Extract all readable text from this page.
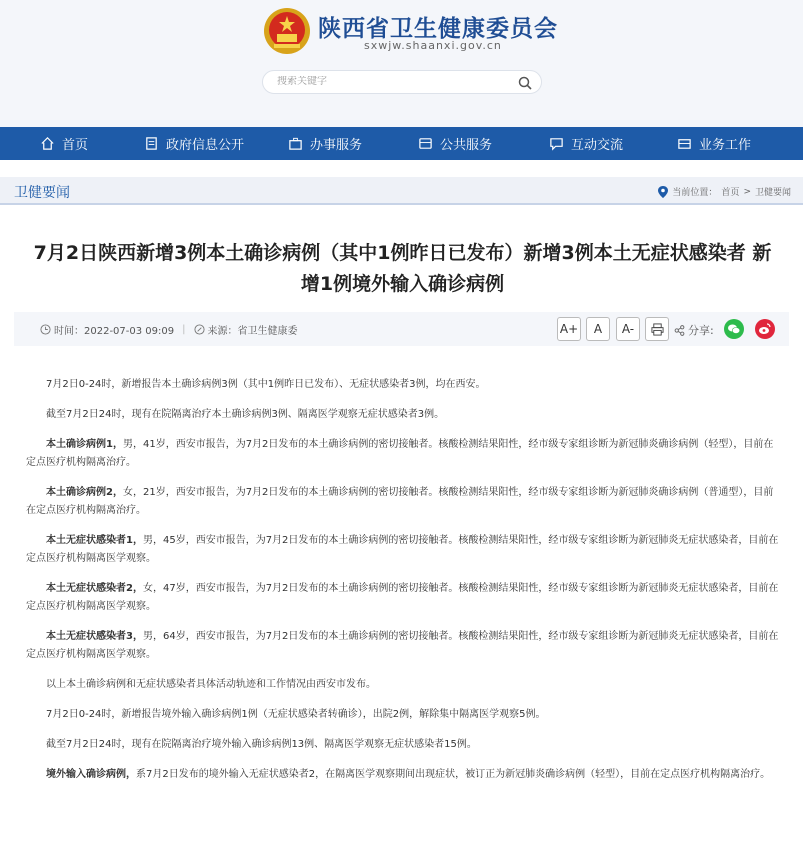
陕西省卫生健康委员会
sxwjw.shaanxi.gov.cn
搜索关键字
首页	政府信息公开	办事服务	公共服务	互动交流	业务工作
卫健要闻	当前位置： 首页 > 卫健要闻
7月2日陕西新增3例本土确诊病例（其中1例昨日已发布）新增3例本土无症状感染者 新增1例境外输入确诊病例
时间：2022-07-03 09:09 | 来源：省卫生健康委	A+	A	A-	分享:

7月2日0-24时，新增报告本土确诊病例3例（其中1例昨日已发布）、无症状感染者3例，均在西安。

截至7月2日24时，现有在院隔离治疗本土确诊病例3例、隔离医学观察无症状感染者3例。

本土确诊病例1，男，41岁，西安市报告，为7月2日发布的本土确诊病例的密切接触者。核酸检测结果阳性，经市级专家组诊断为新冠肺炎确诊病例（轻型），目前在定点医疗机构隔离治疗。

本土确诊病例2，女，21岁，西安市报告，为7月2日发布的本土确诊病例的密切接触者。核酸检测结果阳性，经市级专家组诊断为新冠肺炎确诊病例（普通型），目前在定点医疗机构隔离治疗。

本土无症状感染者1，男，45岁，西安市报告，为7月2日发布的本土确诊病例的密切接触者。核酸检测结果阳性，经市级专家组诊断为新冠肺炎无症状感染者，目前在定点医疗机构隔离医学观察。

本土无症状感染者2，女，47岁，西安市报告，为7月2日发布的本土确诊病例的密切接触者。核酸检测结果阳性，经市级专家组诊断为新冠肺炎无症状感染者，目前在定点医疗机构隔离医学观察。

本土无症状感染者3，男，64岁，西安市报告，为7月2日发布的本土确诊病例的密切接触者。核酸检测结果阳性，经市级专家组诊断为新冠肺炎无症状感染者，目前在定点医疗机构隔离医学观察。

以上本土确诊病例和无症状感染者具体活动轨迹和工作情况由西安市发布。

7月2日0-24时，新增报告境外输入确诊病例1例（无症状感染者转确诊），出院2例，解除集中隔离医学观察5例。

截至7月2日24时，现有在院隔离治疗境外输入确诊病例13例、隔离医学观察无症状感染者15例。

境外输入确诊病例，系7月2日发布的境外输入无症状感染者2，在隔离医学观察期间出现症状，被订正为新冠肺炎确诊病例（轻型），目前在定点医疗机构隔离治疗。
